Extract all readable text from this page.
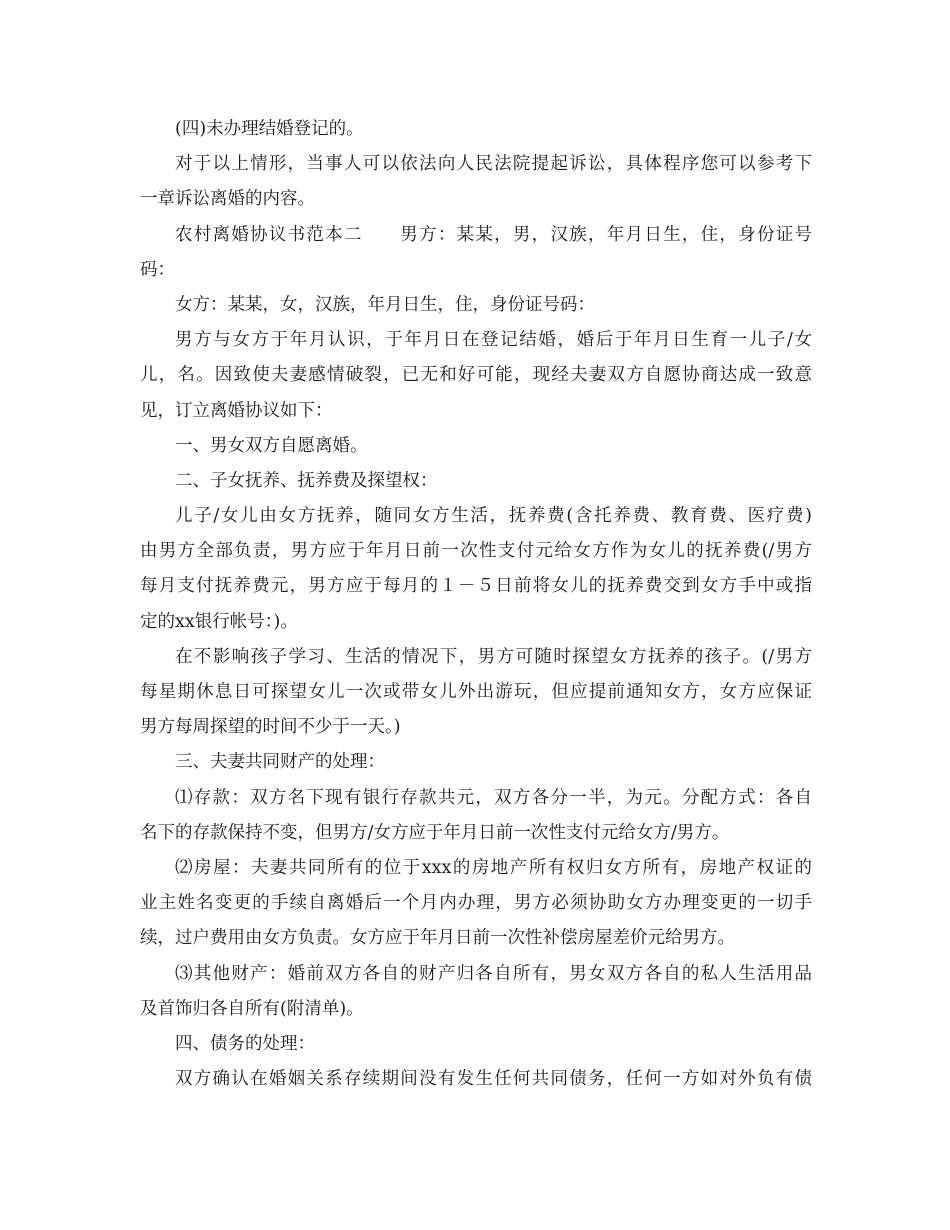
(四)未办理结婚登记的。
对于以上情形，当事人可以依法向人民法院提起诉讼，具体程序您可以参考下
一章诉讼离婚的内容。
农村离婚协议书范本二　　男方：某某，男，汉族，年月日生，住，身份证号
码：
女方：某某，女，汉族，年月日生，住，身份证号码：
男方与女方于年月认识，于年月日在登记结婚，婚后于年月日生育一儿子/女
儿，名。因致使夫妻感情破裂，已无和好可能，现经夫妻双方自愿协商达成一致意
见，订立离婚协议如下：
一、男女双方自愿离婚。
二、子女抚养、抚养费及探望权：
儿子/女儿由女方抚养，随同女方生活，抚养费(含托养费、教育费、医疗费)
由男方全部负责，男方应于年月日前一次性支付元给女方作为女儿的抚养费(/男方
每月支付抚养费元，男方应于每月的１－５日前将女儿的抚养费交到女方手中或指
定的xx银行帐号：)。
在不影响孩子学习、生活的情况下，男方可随时探望女方抚养的孩子。(/男方
每星期休息日可探望女儿一次或带女儿外出游玩，但应提前通知女方，女方应保证
男方每周探望的时间不少于一天。)
三、夫妻共同财产的处理：
⑴存款：双方名下现有银行存款共元，双方各分一半，为元。分配方式：各自
名下的存款保持不变，但男方/女方应于年月日前一次性支付元给女方/男方。
⑵房屋：夫妻共同所有的位于xxx的房地产所有权归女方所有，房地产权证的
业主姓名变更的手续自离婚后一个月内办理，男方必须协助女方办理变更的一切手
续，过户费用由女方负责。女方应于年月日前一次性补偿房屋差价元给男方。
⑶其他财产：婚前双方各自的财产归各自所有，男女双方各自的私人生活用品
及首饰归各自所有(附清单)。
四、债务的处理：
双方确认在婚姻关系存续期间没有发生任何共同债务，任何一方如对外负有债
